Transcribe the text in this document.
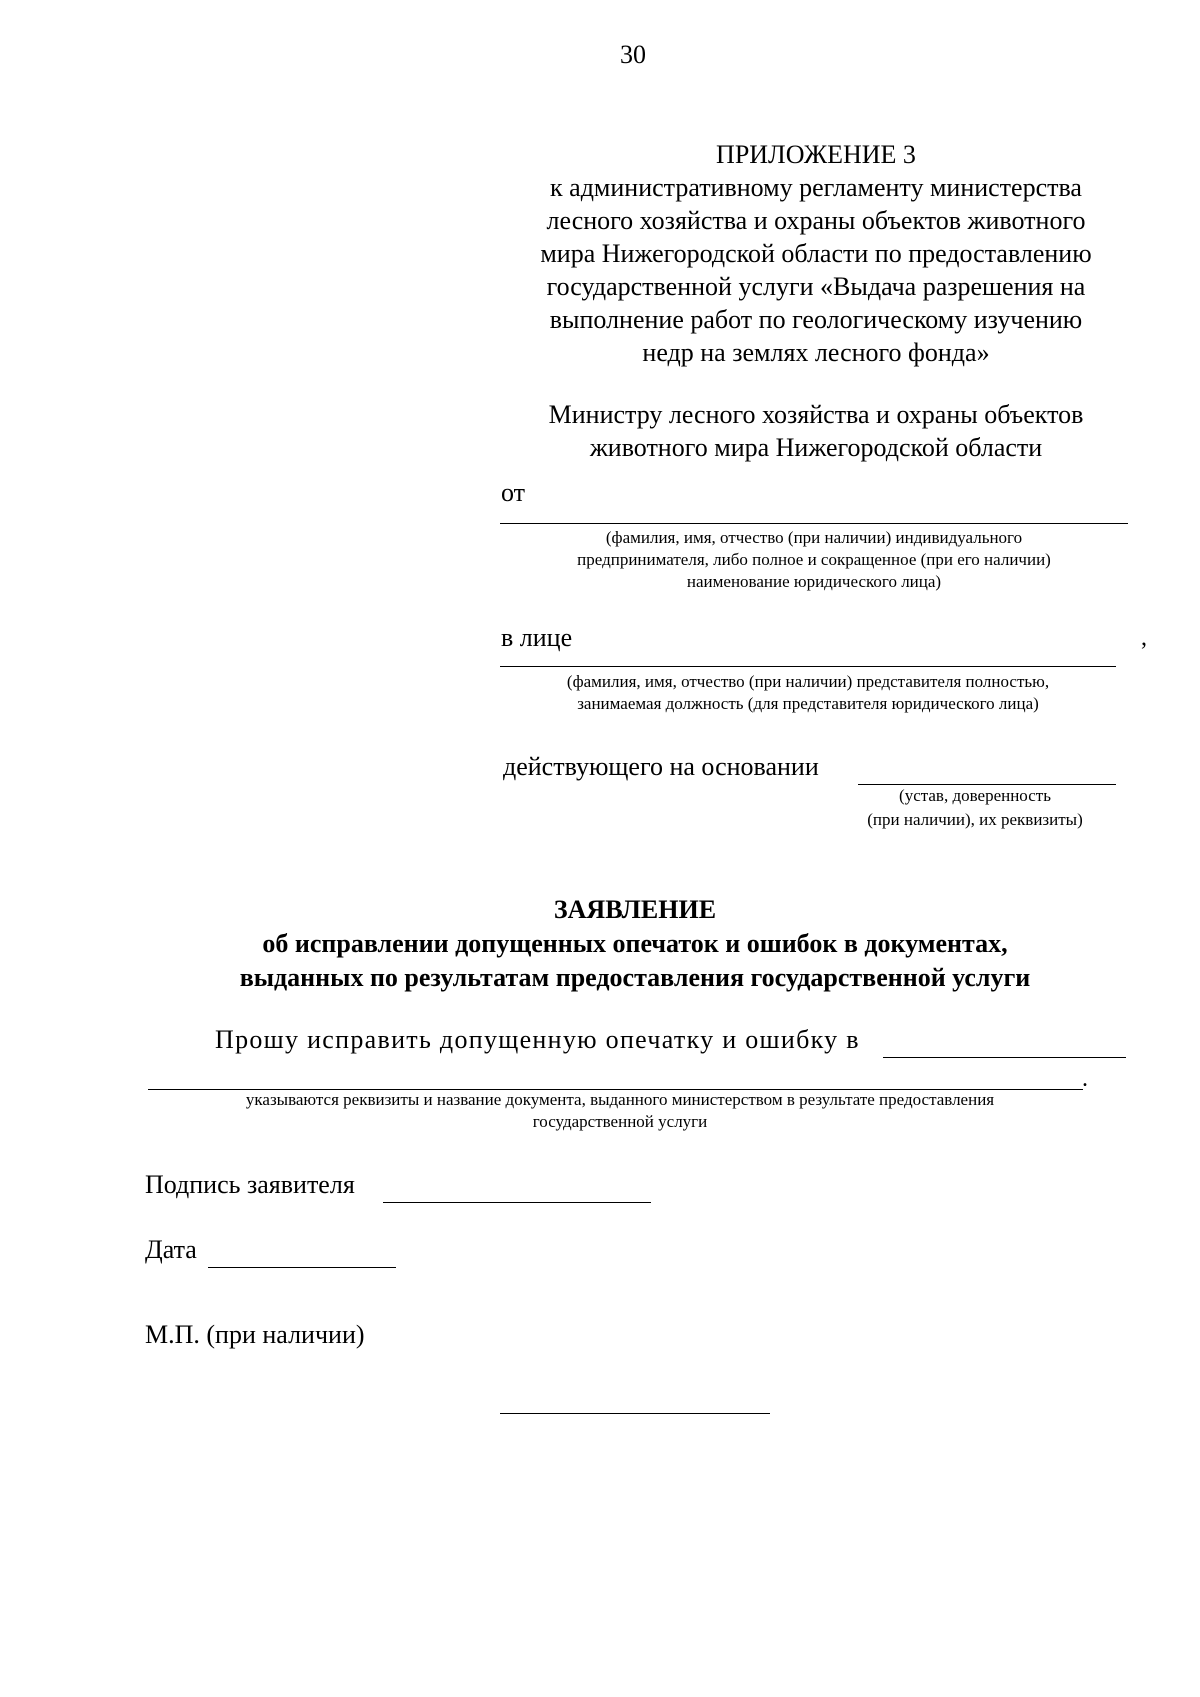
30
ПРИЛОЖЕНИЕ 3
к административному регламенту министерства
лесного хозяйства и охраны объектов животного
мира Нижегородской области по предоставлению
государственной услуги «Выдача разрешения на
выполнение работ по геологическому изучению
недр на землях лесного фонда»
Министру лесного хозяйства и охраны объектов
животного мира Нижегородской области
от
(фамилия, имя, отчество (при наличии) индивидуального
предпринимателя, либо полное и сокращенное (при его наличии)
наименование юридического лица)
в лице	,
(фамилия, имя, отчество (при наличии) представителя полностью,
занимаемая должность (для представителя юридического лица)
действующего на основании
(устав, доверенность
(при наличии), их реквизиты)
ЗАЯВЛЕНИЕ
об исправлении допущенных опечаток и ошибок в документах,
выданных по результатам предоставления государственной услуги
Прошу исправить допущенную опечатку и ошибку в
.
указываются реквизиты и название документа, выданного министерством в результате предоставления
государственной услуги
Подпись заявителя
Дата
М.П. (при наличии)
